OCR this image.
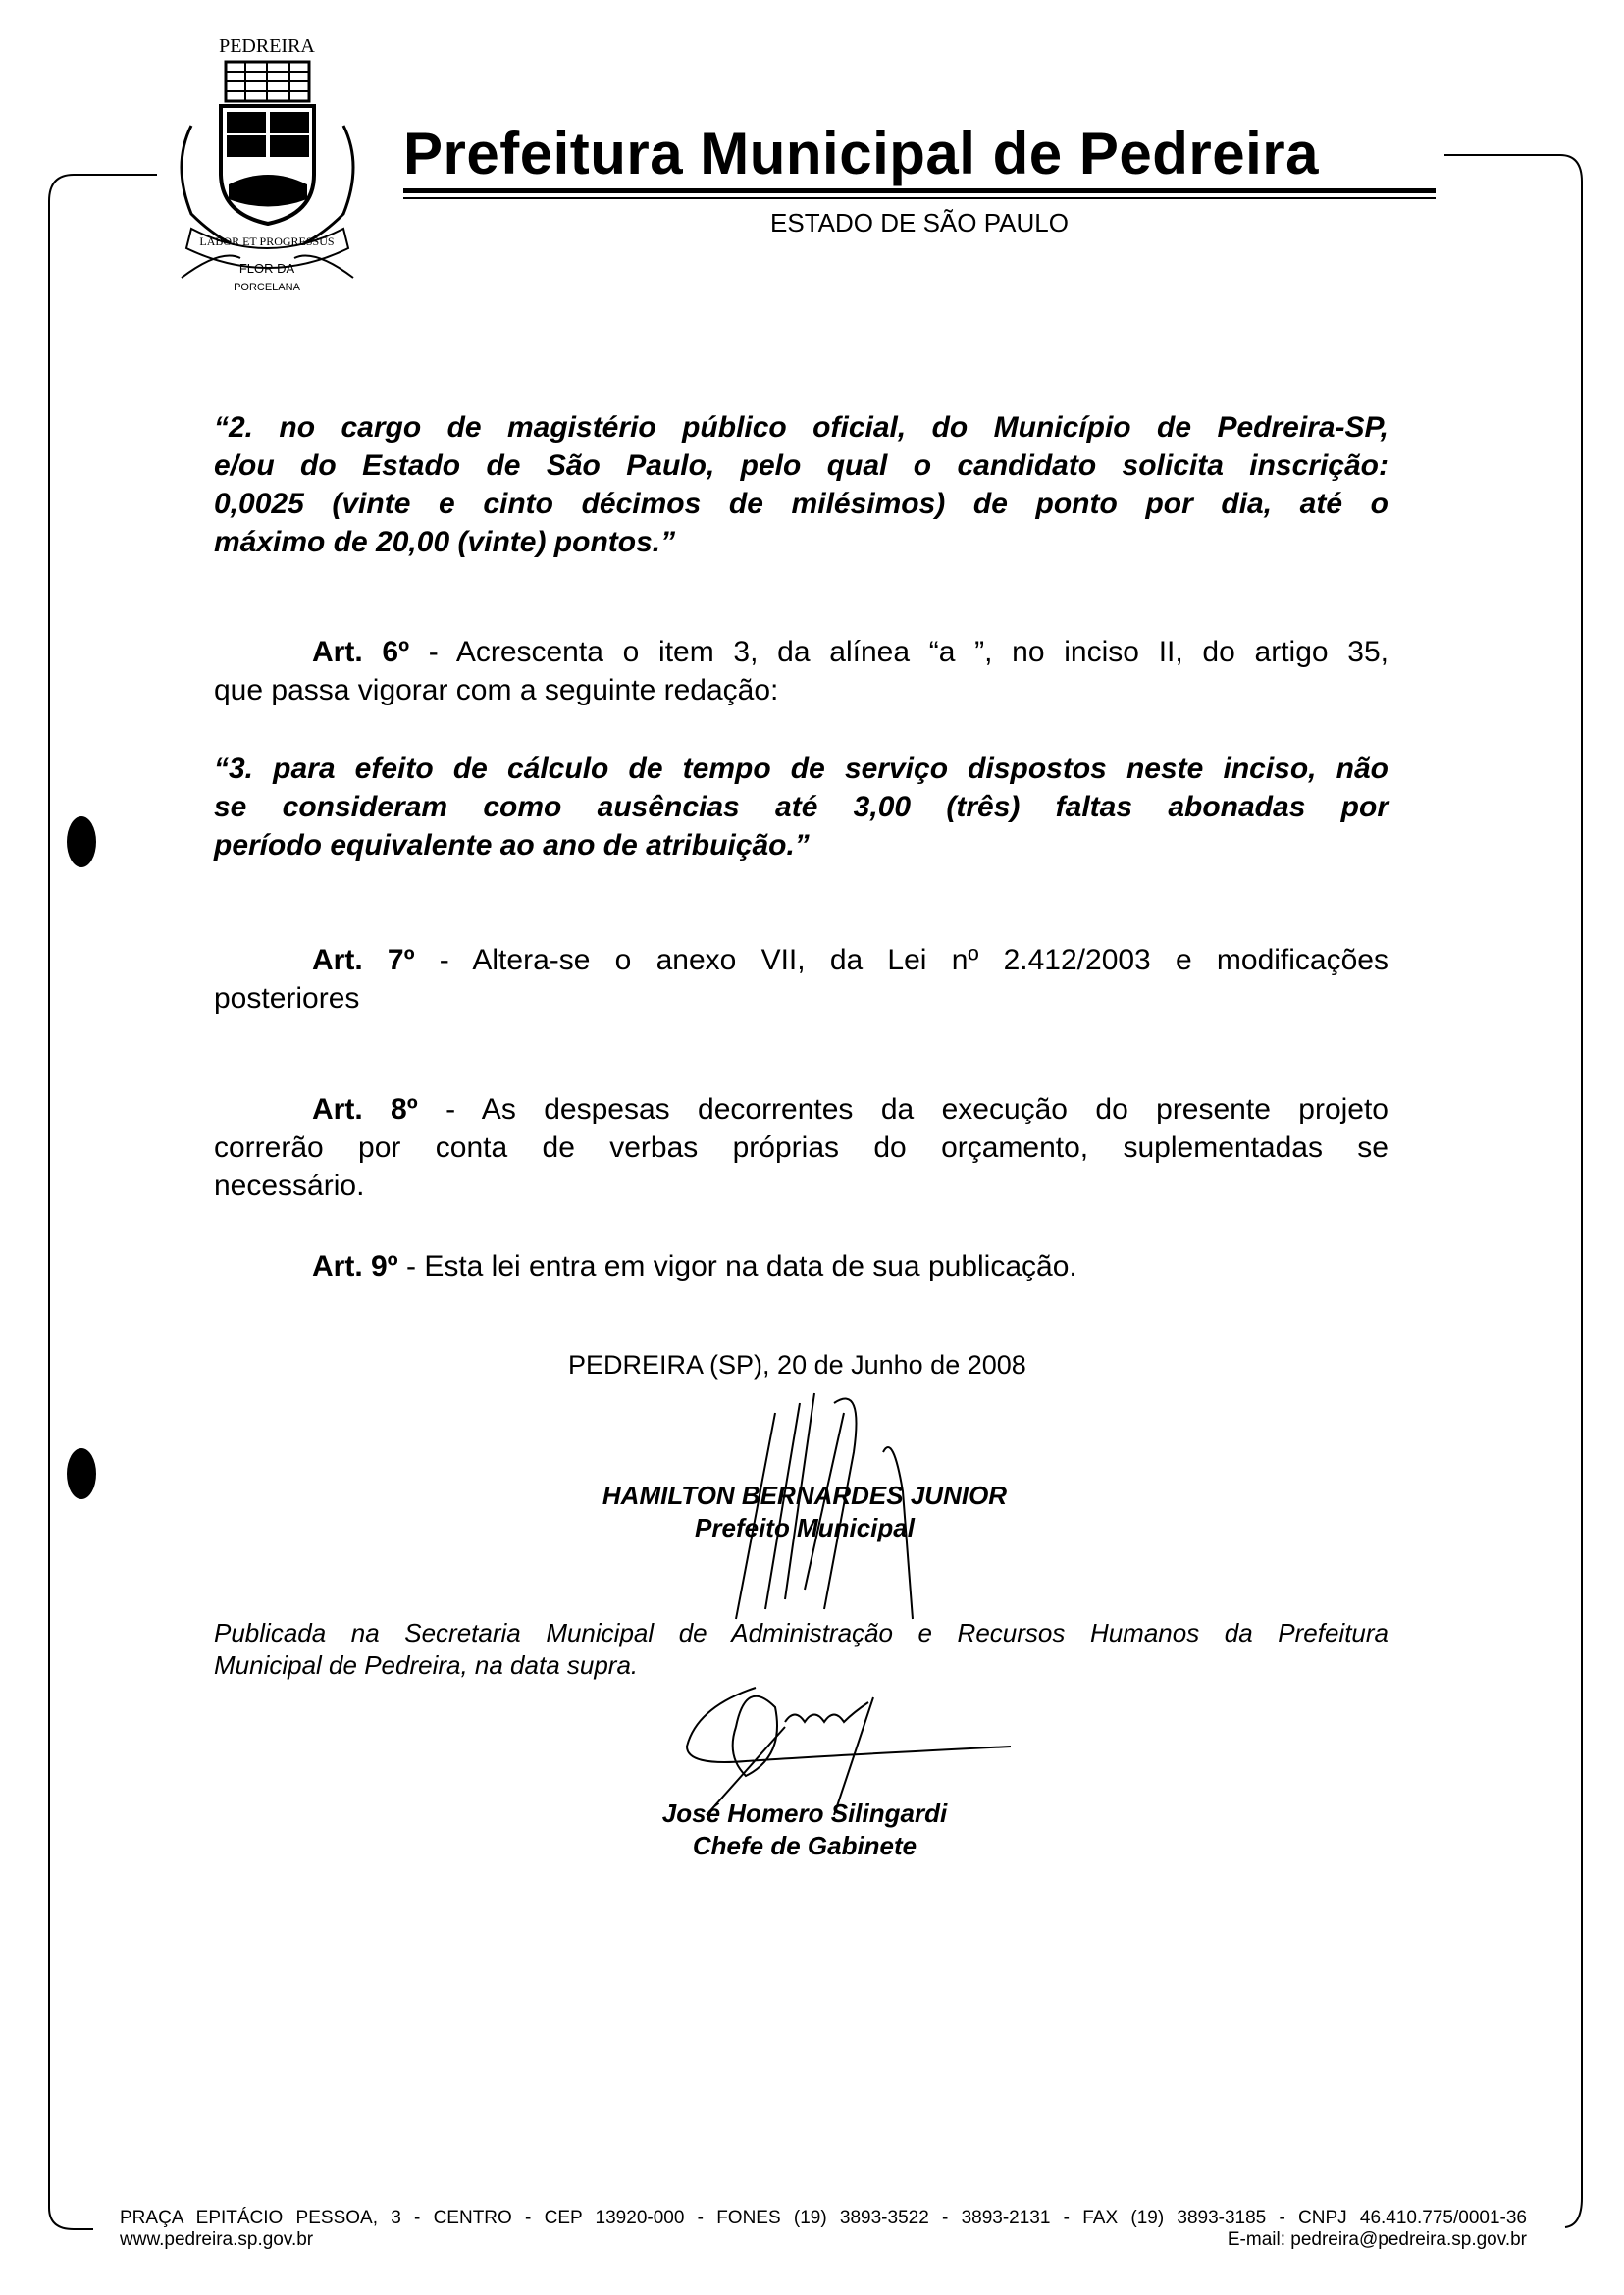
PEDREIRA
LABOR ET PROGRESSUS
FLOR DA
PORCELANA
Prefeitura Municipal de Pedreira
ESTADO DE SÃO PAULO
“2. no cargo de magistério público oficial, do Município de Pedreira-SP,
e/ou do Estado de São Paulo, pelo qual o candidato solicita inscrição:
0,0025 (vinte e cinto décimos de milésimos) de ponto por dia, até o
máximo de 20,00 (vinte) pontos.”
Art. 6º - Acrescenta o item 3, da alínea “a ”, no inciso II, do artigo 35,
que passa vigorar com a seguinte redação:
“3. para efeito de cálculo de tempo de serviço dispostos neste inciso, não
se consideram como ausências até 3,00 (três) faltas abonadas por
período equivalente ao ano de atribuição.”
Art. 7º - Altera-se o anexo VII, da Lei nº 2.412/2003 e modificações
posteriores
Art. 8º - As despesas decorrentes da execução do presente projeto
correrão por conta de verbas próprias do orçamento, suplementadas se
necessário.
Art. 9º - Esta lei entra em vigor na data de sua publicação.
PEDREIRA (SP), 20 de Junho de 2008
HAMILTON BERNARDES JUNIOR
Prefeito Municipal
Publicada na Secretaria Municipal de Administração e Recursos Humanos da Prefeitura
Municipal de Pedreira, na data supra.
José Homero Silingardi
Chefe de Gabinete
PRAÇA EPITÁCIO PESSOA, 3 - CENTRO - CEP 13920-000 - FONES (19) 3893-3522 - 3893-2131 - FAX (19) 3893-3185 - CNPJ 46.410.775/0001-36
www.pedreira.sp.gov.br	E-mail: pedreira@pedreira.sp.gov.br
